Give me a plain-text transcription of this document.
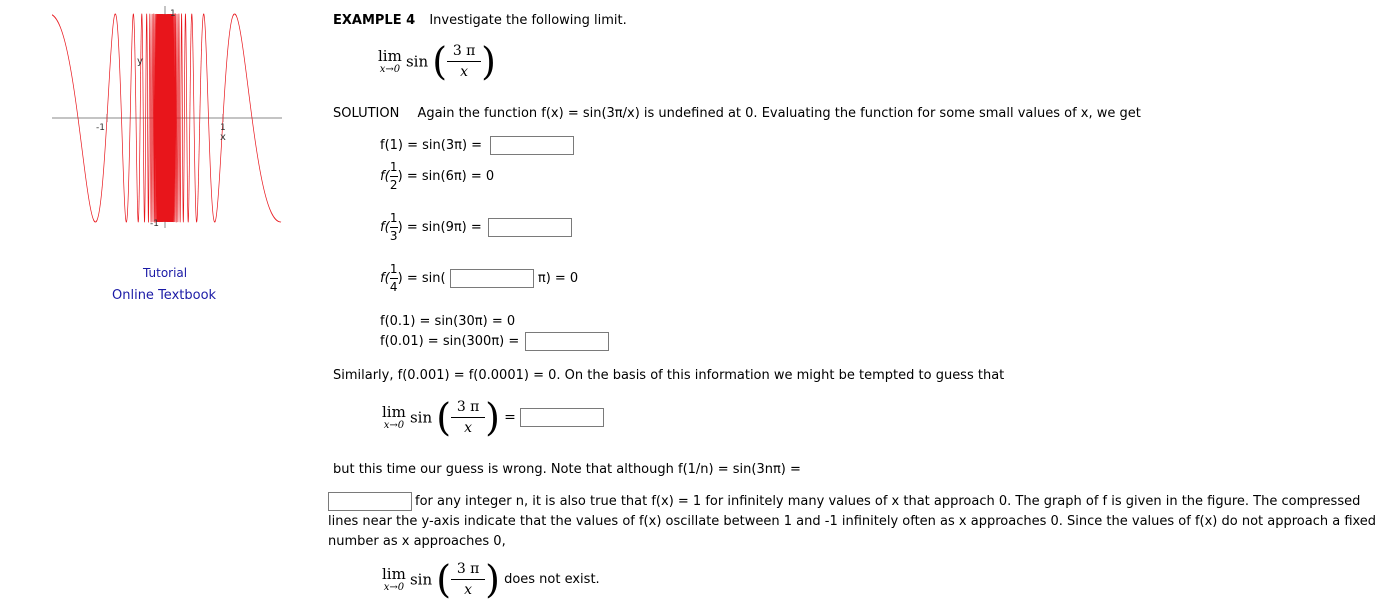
y
x
1
-1
-1	1
Tutorial
Online Textbook
EXAMPLE 4 Investigate the following limit.
lim
x→0 $\sin (\frac{3 \pi}{x})$
SOLUTION Again the function f(x) = sin(3π/x) is undefined at 0. Evaluating the function for some small values of x, we get
f(1) = sin(3π) =
$f( \frac{1}{2}$ ) = sin(6π) = 0
$f( \frac{1}{3}$ ) = sin(9π) =
$f( \frac{1}{4}$ ) = sin(	π) = 0
f(0.1) = sin(30π) = 0
f(0.01) = sin(300π) =
Similarly, f(0.001) = f(0.0001) = 0. On the basis of this information we might be tempted to guess that
lim
x→0 $\sin (\frac{3 \pi}{x})$ =
but this time our guess is wrong. Note that although f(1/n) = sin(3nπ) =
for any integer n, it is also true that f(x) = 1 for infinitely many values of x that approach 0. The graph of f is given in the figure. The compressed lines near the y-axis indicate that the values of f(x) oscillate between 1 and -1 infinitely often as x approaches 0. Since the values of f(x) do not approach a fixed number as x approaches 0,
lim
x→0 $\sin (\frac{3 \pi}{x})$ does not exist.
